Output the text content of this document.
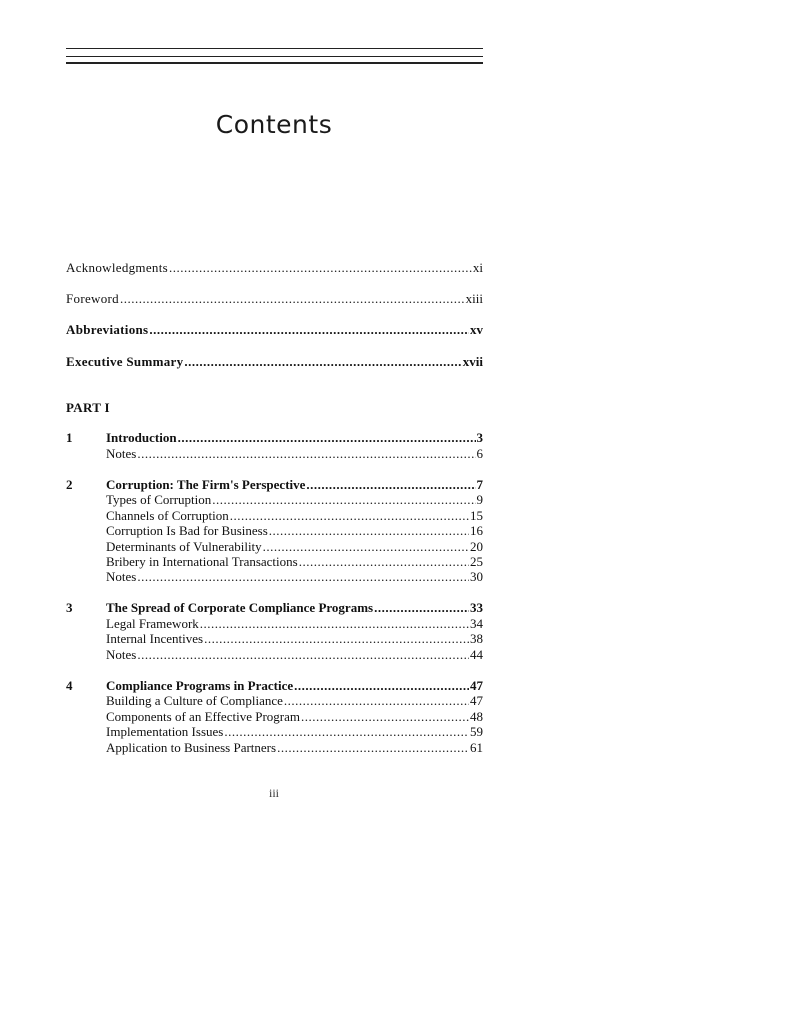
Contents
Acknowledgments .....	xi
Foreword .....	xiii
Abbreviations .....	xv
Executive Summary .....	xvii
PART I
1	Introduction .....	3
Notes .....	6
2	Corruption: The Firm's Perspective .....	7
Types of Corruption .....	9
Channels of Corruption .....	15
Corruption Is Bad for Business .....	16
Determinants of Vulnerability .....	20
Bribery in International Transactions .....	25
Notes .....	30
3	The Spread of Corporate Compliance Programs .....	33
Legal Framework .....	34
Internal Incentives .....	38
Notes .....	44
4	Compliance Programs in Practice .....	47
Building a Culture of Compliance .....	47
Components of an Effective Program .....	48
Implementation Issues .....	59
Application to Business Partners .....	61
iii
